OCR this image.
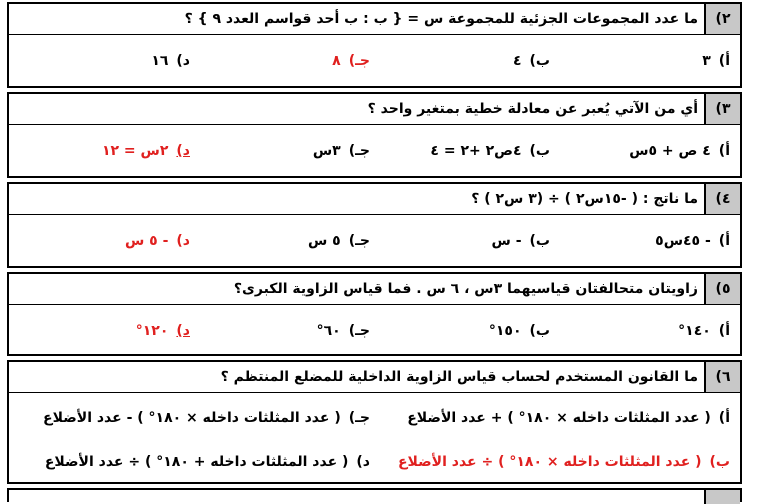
٢)
ما عدد المجموعات الجزئية للمجموعة س = { ب : ب أحد قواسم العدد ٩ } ؟
أ)٣
ب)٤
جـ)٨
د)١٦
٣)
أي من الآتي يُعبر عن معادلة خطية بمتغير واحد ؟
أ)٤ ص + ٥س
ب)٤ص٢ +٢ = ٤
جـ)٣س
د)٢س = ١٢
٤)
ما ناتج : ( -١٥س٢ ) ÷ (٣ س٢ ) ؟
أ)- ٤٥س٥
ب)- س
جـ)٥ س
د)- ٥ س
٥)
زاويتان متحالفتان قياسيهما ٣س ، ٦ س . فما قياس الزاوية الكبرى؟
أ)١٤٠°
ب)١٥٠°
جـ)٦٠°
د)١٢٠°
٦)
ما القانون المستخدم لحساب قياس الزاوية الداخلية للمضلع المنتظم ؟
أ)( عدد المثلثات داخله × ١٨٠° ) + عدد الأضلاع
جـ)( عدد المثلثات داخله × ١٨٠° ) - عدد الأضلاع
ب)( عدد المثلثات داخله × ١٨٠° ) ÷ عدد الأضلاع
د)( عدد المثلثات داخله + ١٨٠° ) ÷ عدد الأضلاع
